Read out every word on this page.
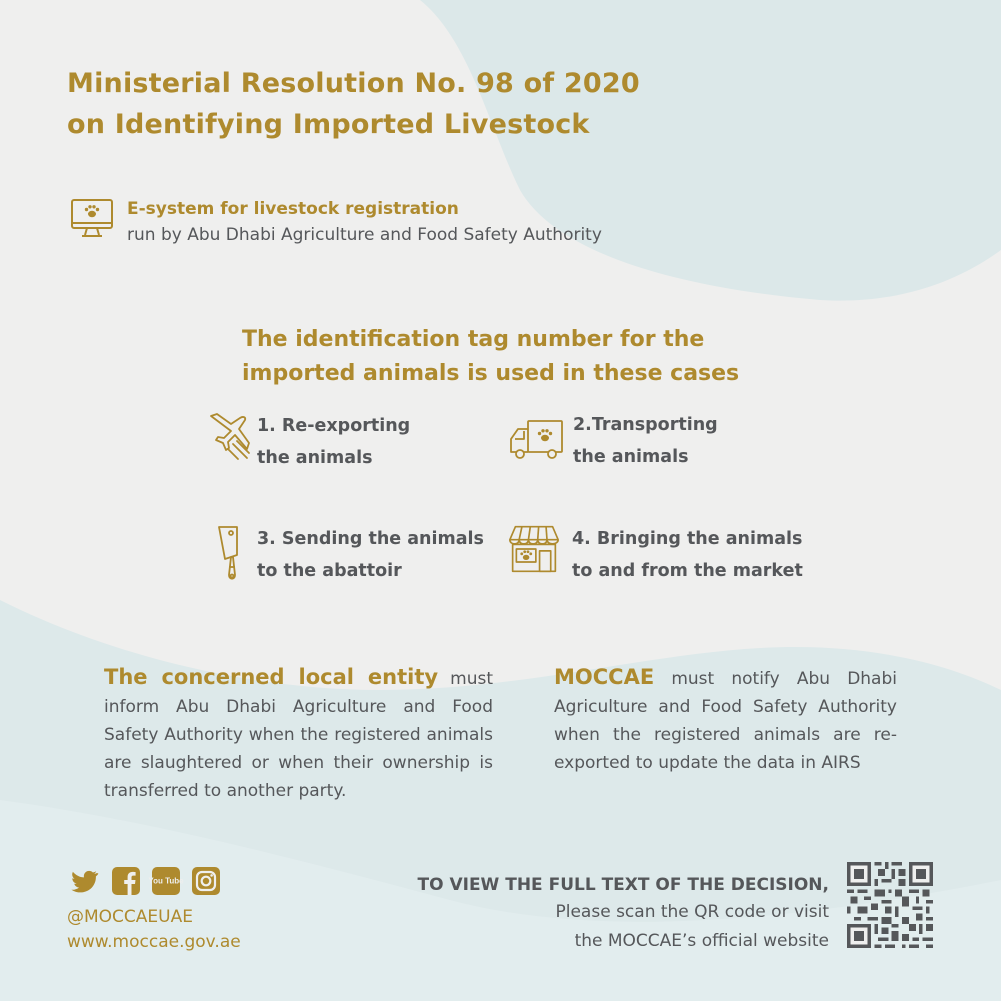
Ministerial Resolution No. 98 of 2020
on Identifying Imported Livestock
E-system for livestock registration
run by Abu Dhabi Agriculture and Food Safety Authority
The identification tag number for the
imported animals is used in these cases
1. Re-exporting
the animals
2.Transporting
the animals
3. Sending the animals
to the abattoir
4. Bringing the animals
to and from the market

The concerned local entity must inform Abu Dhabi Agriculture and Food Safety Authority when the registered animals are slaughtered or when their ownership is transferred to another party.

MOCCAE must notify Abu Dhabi Agriculture and Food Safety Authority when the registered animals are re-exported to update the data in AIRS

You Tube
@MOCCAEUAE
www.moccae.gov.ae
TO VIEW THE FULL TEXT OF THE DECISION,
Please scan the QR code or visit
the MOCCAE’s official website
